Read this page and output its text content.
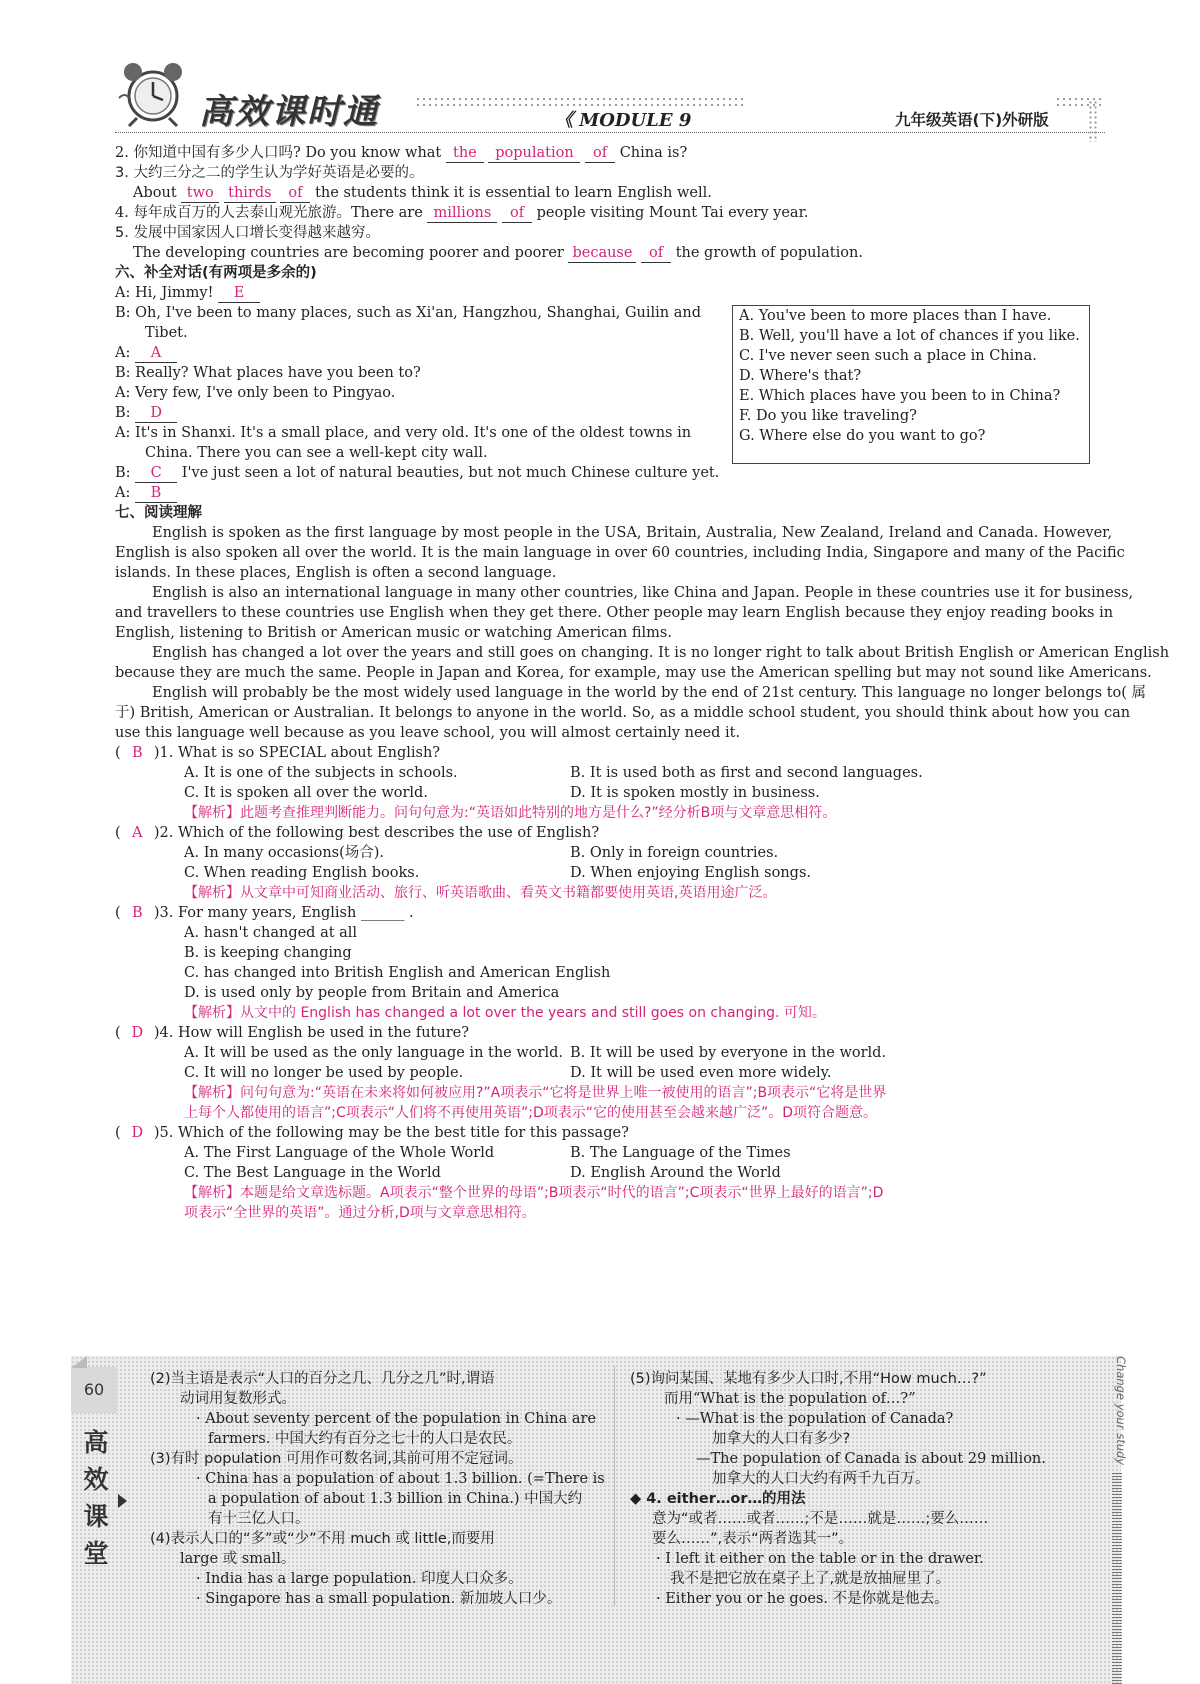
高效课时通	《 MODULE 9	九年级英语(下)外研版
2. 你知道中国有多少人口吗? Do you know what the population of China is?
3. 大约三分之二的学生认为学好英语是必要的。
About two thirds of the students think it is essential to learn English well.
4. 每年成百万的人去泰山观光旅游。There are millions of people visiting Mount Tai every year.
5. 发展中国家因人口增长变得越来越穷。
The developing countries are becoming poorer and poorer because of the growth of population.
六、补全对话(有两项是多余的)
A: Hi, Jimmy! E
B: Oh, I've been to many places, such as Xi'an, Hangzhou, Shanghai, Guilin and
Tibet.
A: A
B: Really? What places have you been to?
A: Very few, I've only been to Pingyao.
B: D
A: It's in Shanxi. It's a small place, and very old. It's one of the oldest towns in
China. There you can see a well-kept city wall.
B: C I've just seen a lot of natural beauties, but not much Chinese culture yet.
A: B
A. You've been to more places than I have.
B. Well, you'll have a lot of chances if you like.
C. I've never seen such a place in China.
D. Where's that?
E. Which places have you been to in China?
F. Do you like traveling?
G. Where else do you want to go?
七、阅读理解
English is spoken as the first language by most people in the USA, Britain, Australia, New Zealand, Ireland and Canada. However,
English is also spoken all over the world. It is the main language in over 60 countries, including India, Singapore and many of the Pacific
islands. In these places, English is often a second language.
English is also an international language in many other countries, like China and Japan. People in these countries use it for business,
and travellers to these countries use English when they get there. Other people may learn English because they enjoy reading books in
English, listening to British or American music or watching American films.
English has changed a lot over the years and still goes on changing. It is no longer right to talk about British English or American English
because they are much the same. People in Japan and Korea, for example, may use the American spelling but may not sound like Americans.
English will probably be the most widely used language in the world by the end of 21st century. This language no longer belongs to( 属
于) British, American or Australian. It belongs to anyone in the world. So, as a middle school student, you should think about how you can
use this language well because as you leave school, you will almost certainly need it.
( B )1. What is so SPECIAL about English?
A. It is one of the subjects in schools.	B. It is used both as first and second languages.
C. It is spoken all over the world.	D. It is spoken mostly in business.
【解析】此题考查推理判断能力。问句句意为:“英语如此特别的地方是什么?”经分析B项与文章意思相符。
( A )2. Which of the following best describes the use of English?
A. In many occasions(场合).	B. Only in foreign countries.
C. When reading English books.	D. When enjoying English songs.
【解析】从文章中可知商业活动、旅行、听英语歌曲、看英文书籍都要使用英语,英语用途广泛。
( B )3. For many years, English ______ .
A. hasn't changed at all
B. is keeping changing
C. has changed into British English and American English
D. is used only by people from Britain and America
【解析】从文中的 English has changed a lot over the years and still goes on changing. 可知。
( D )4. How will English be used in the future?
A. It will be used as the only language in the world. B. It will be used by everyone in the world.
C. It will no longer be used by people.	D. It will be used even more widely.
【解析】问句句意为:“英语在未来将如何被应用?”A项表示“它将是世界上唯一被使用的语言”;B项表示“它将是世界
上每个人都使用的语言”;C项表示“人们将不再使用英语”;D项表示“它的使用甚至会越来越广泛”。D项符合题意。
( D )5. Which of the following may be the best title for this passage?
A. The First Language of the Whole World	B. The Language of the Times
C. The Best Language in the World	D. English Around the World
【解析】本题是给文章选标题。A项表示“整个世界的母语”;B项表示“时代的语言”;C项表示“世界上最好的语言”;D
项表示“全世界的英语”。通过分析,D项与文章意思相符。
60
高
效
课
堂
Change your study
(2)当主语是表示“人口的百分之几、几分之几”时,谓语
动词用复数形式。
· About seventy percent of the population in China are
farmers. 中国大约有百分之七十的人口是农民。
(3)有时 population 可用作可数名词,其前可用不定冠词。
· China has a population of about 1.3 billion. (=There is
a population of about 1.3 billion in China.) 中国大约
有十三亿人口。
(4)表示人口的“多”或“少”不用 much 或 little,而要用
large 或 small。
· India has a large population. 印度人口众多。
· Singapore has a small population. 新加坡人口少。
(5)询问某国、某地有多少人口时,不用“How much…?”
而用“What is the population of…?”
· —What is the population of Canada?
加拿大的人口有多少?
—The population of Canada is about 29 million.
加拿大的人口大约有两千九百万。
◆ 4. either…or…的用法
意为“或者……或者……;不是……就是……;要么……
要么……”,表示“两者选其一”。
· I left it either on the table or in the drawer.
我不是把它放在桌子上了,就是放抽屉里了。
· Either you or he goes. 不是你就是他去。
